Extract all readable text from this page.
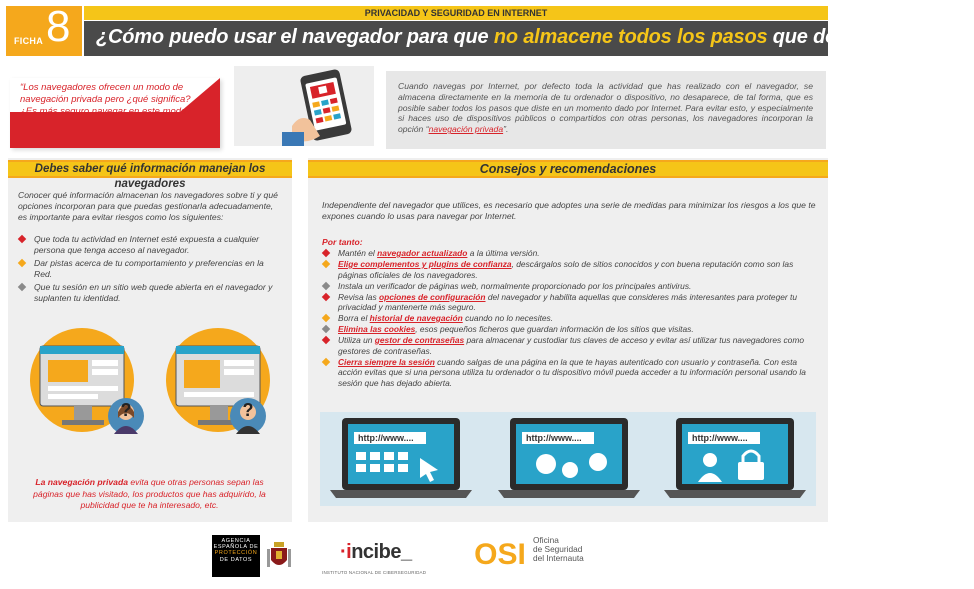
FICHA 8	PRIVACIDAD Y SEGURIDAD EN INTERNET
¿Cómo puedo usar el navegador para que no almacene todos los pasos que doy por Internet?
“Los navegadores ofrecen un modo de navegación privada pero ¿qué significa? ¿Es más seguro navegar en este modo?”
Cuando navegas por Internet, por defecto toda la actividad que has realizado con el navegador, se almacena directamente en la memoria de tu ordenador o dispositivo, no desaparece, de tal forma, que es posible saber todos los pasos que diste en un momento dado por Internet. Para evitar esto, y especialmente si haces uso de dispositivos públicos o compartidos con otras personas, los navegadores incorporan la opción “navegación privada”.
Debes saber qué información manejan los navegadores
Conocer qué información almacenan los navegadores sobre ti y qué opciones incorporan para que puedas gestionarla adecuadamente, es importante para evitar riesgos como los siguientes:
Que toda tu actividad en Internet esté expuesta a cualquier persona que tenga acceso al navegador.
Dar pistas acerca de tu comportamiento y preferencias en la Red.
Que tu sesión en un sitio web quede abierta en el navegador y suplanten tu identidad.
?	?
La navegación privada evita que otras personas sepan las páginas que has visitado, los productos que has adquirido, la publicidad que te ha interesado, etc.
Consejos y recomendaciones
Independiente del navegador que utilices, es necesario que adoptes una serie de medidas para minimizar los riesgos a los que te expones cuando lo usas para navegar por Internet.
Por tanto:
Mantén el navegador actualizado a la última versión.
Elige complementos y plugins de confianza, descárgalos solo de sitios conocidos y con buena reputación como son las páginas oficiales de los navegadores.
Instala un verificador de páginas web, normalmente proporcionado por los principales antivirus.
Revisa las opciones de configuración del navegador y habilita aquellas que consideres más interesantes para proteger tu privacidad y mantenerte más seguro.
Borra el historial de navegación cuando no lo necesites.
Elimina las cookies, esos pequeños ficheros que guardan información de los sitios que visitas.
Utiliza un gestor de contraseñas para almacenar y custodiar tus claves de acceso y evitar así utilizar tus navegadores como gestores de contraseñas.
Cierra siempre la sesión cuando salgas de una página en la que te hayas autenticado con usuario y contraseña. Con esta acción evitas que si una persona utiliza tu ordenador o tu dispositivo móvil pueda acceder a tu información personal usando la sesión que has dejado abierta.
http://www....	http://www....	http://www....
AGENCIA
ESPAÑOLA DE
PROTECCIÓN
DE DATOS	·incibe_
INSTITUTO NACIONAL DE CIBERSEGURIDAD
OSI Oficina
de Seguridad
del Internauta
